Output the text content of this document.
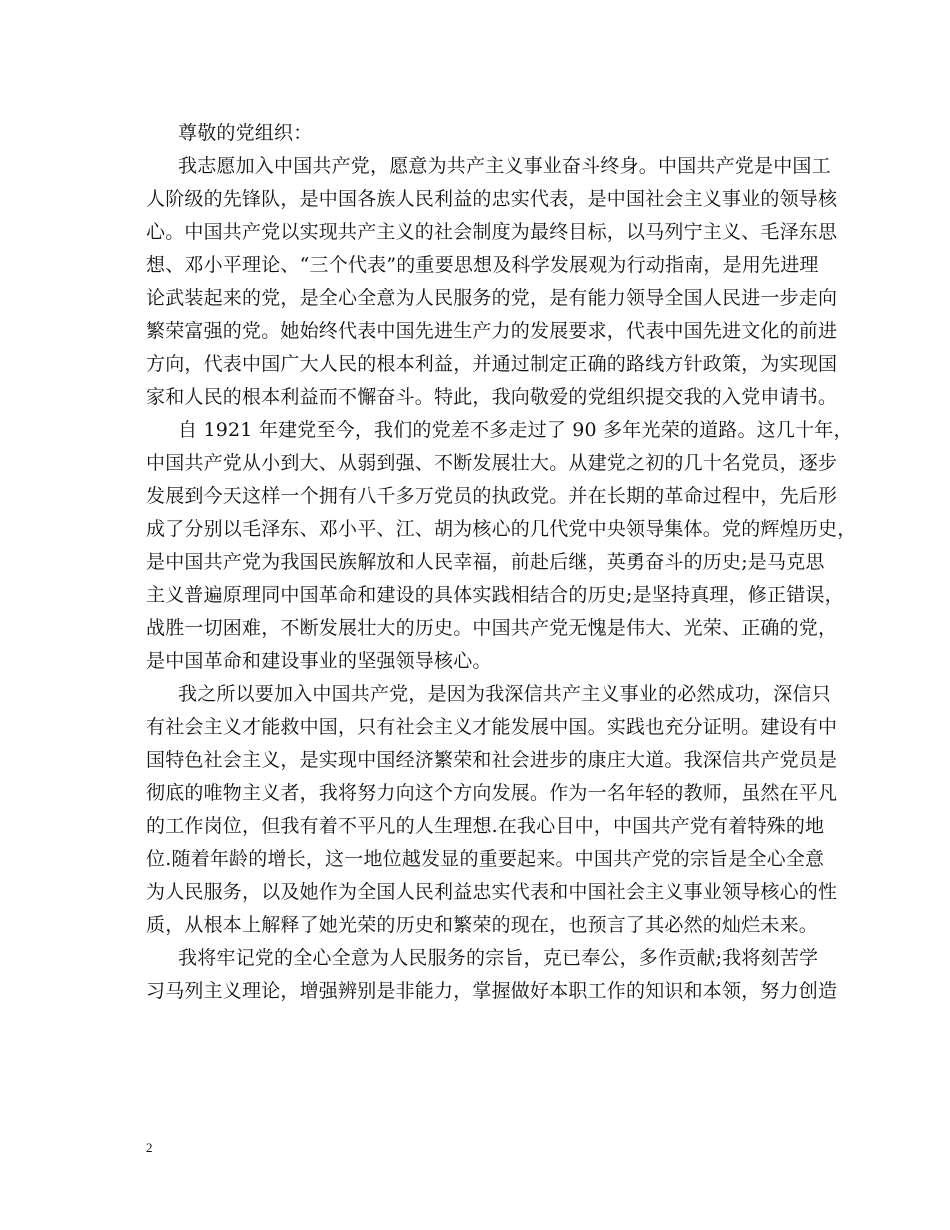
尊敬的党组织：
我志愿加入中国共产党，愿意为共产主义事业奋斗终身。中国共产党是中国工
人阶级的先锋队，是中国各族人民利益的忠实代表，是中国社会主义事业的领导核
心。中国共产党以实现共产主义的社会制度为最终目标，以马列宁主义、毛泽东思
想、邓小平理论、“三个代表”的重要思想及科学发展观为行动指南，是用先进理
论武装起来的党，是全心全意为人民服务的党，是有能力领导全国人民进一步走向
繁荣富强的党。她始终代表中国先进生产力的发展要求，代表中国先进文化的前进
方向，代表中国广大人民的根本利益，并通过制定正确的路线方针政策，为实现国
家和人民的根本利益而不懈奋斗。特此，我向敬爱的党组织提交我的入党申请书。
自 1921 年建党至今，我们的党差不多走过了 90 多年光荣的道路。这几十年，
中国共产党从小到大、从弱到强、不断发展壮大。从建党之初的几十名党员，逐步
发展到今天这样一个拥有八千多万党员的执政党。并在长期的革命过程中，先后形
成了分别以毛泽东、邓小平、江、胡为核心的几代党中央领导集体。党的辉煌历史，
是中国共产党为我国民族解放和人民幸福，前赴后继，英勇奋斗的历史;是马克思
主义普遍原理同中国革命和建设的具体实践相结合的历史;是坚持真理，修正错误，
战胜一切困难，不断发展壮大的历史。中国共产党无愧是伟大、光荣、正确的党，
是中国革命和建设事业的坚强领导核心。
我之所以要加入中国共产党，是因为我深信共产主义事业的必然成功，深信只
有社会主义才能救中国，只有社会主义才能发展中国。实践也充分证明。建设有中
国特色社会主义，是实现中国经济繁荣和社会进步的康庄大道。我深信共产党员是
彻底的唯物主义者，我将努力向这个方向发展。作为一名年轻的教师，虽然在平凡
的工作岗位，但我有着不平凡的人生理想.在我心目中，中国共产党有着特殊的地
位.随着年龄的增长，这一地位越发显的重要起来。中国共产党的宗旨是全心全意
为人民服务，以及她作为全国人民利益忠实代表和中国社会主义事业领导核心的性
质，从根本上解释了她光荣的历史和繁荣的现在，也预言了其必然的灿烂未来。
我将牢记党的全心全意为人民服务的宗旨，克已奉公，多作贡献;我将刻苦学
习马列主义理论，增强辨别是非能力，掌握做好本职工作的知识和本领，努力创造
2
